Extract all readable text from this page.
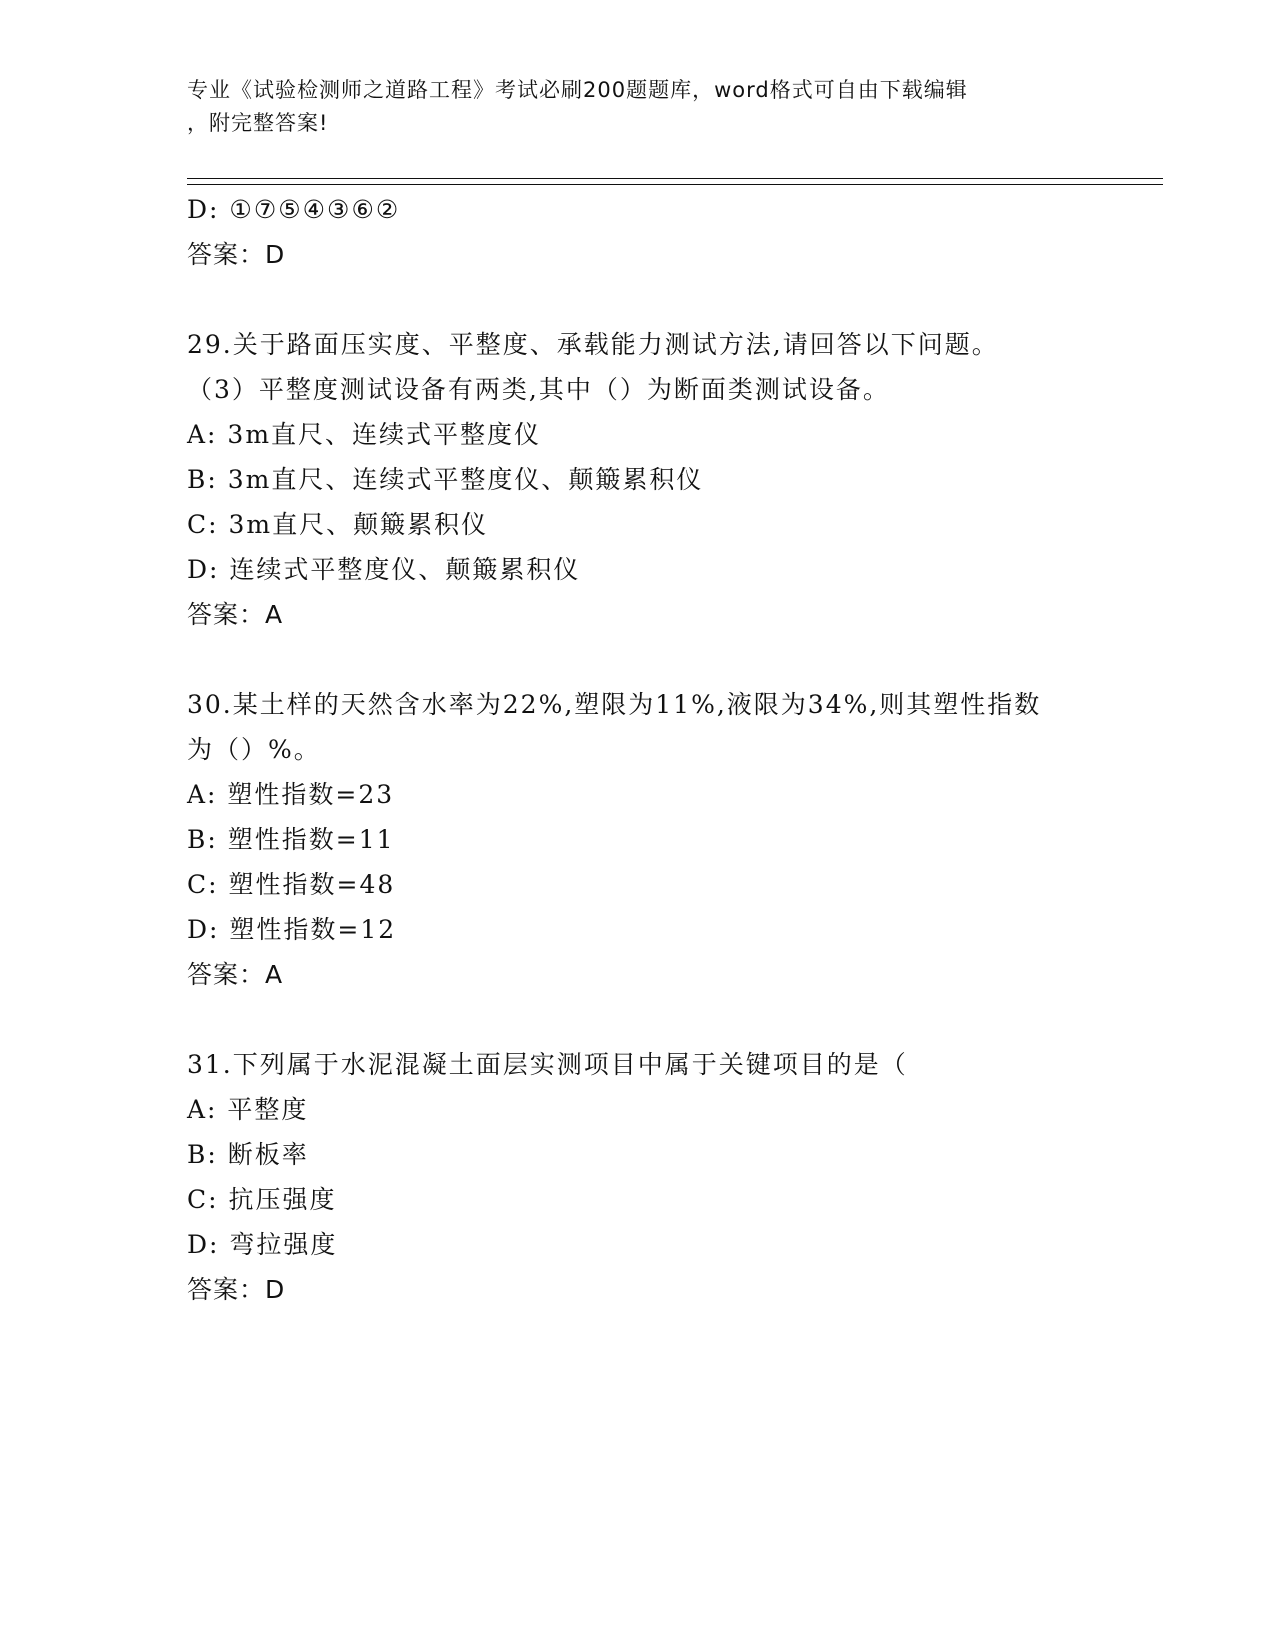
专业《试验检测师之道路工程》考试必刷200题题库，word格式可自由下载编辑
，附完整答案!
D: ①⑦⑤④③⑥②
答案：D
29.关于路面压实度、平整度、承载能力测试方法,请回答以下问题。
（3）平整度测试设备有两类,其中（）为断面类测试设备。
A: 3m直尺、连续式平整度仪
B: 3m直尺、连续式平整度仪、颠簸累积仪
C: 3m直尺、颠簸累积仪
D: 连续式平整度仪、颠簸累积仪
答案：A
30.某土样的天然含水率为22%,塑限为11%,液限为34%,则其塑性指数
为（）%。
A: 塑性指数=23
B: 塑性指数=11
C: 塑性指数=48
D: 塑性指数=12
答案：A
31.下列属于水泥混凝土面层实测项目中属于关键项目的是（
A: 平整度
B: 断板率
C: 抗压强度
D: 弯拉强度
答案：D
